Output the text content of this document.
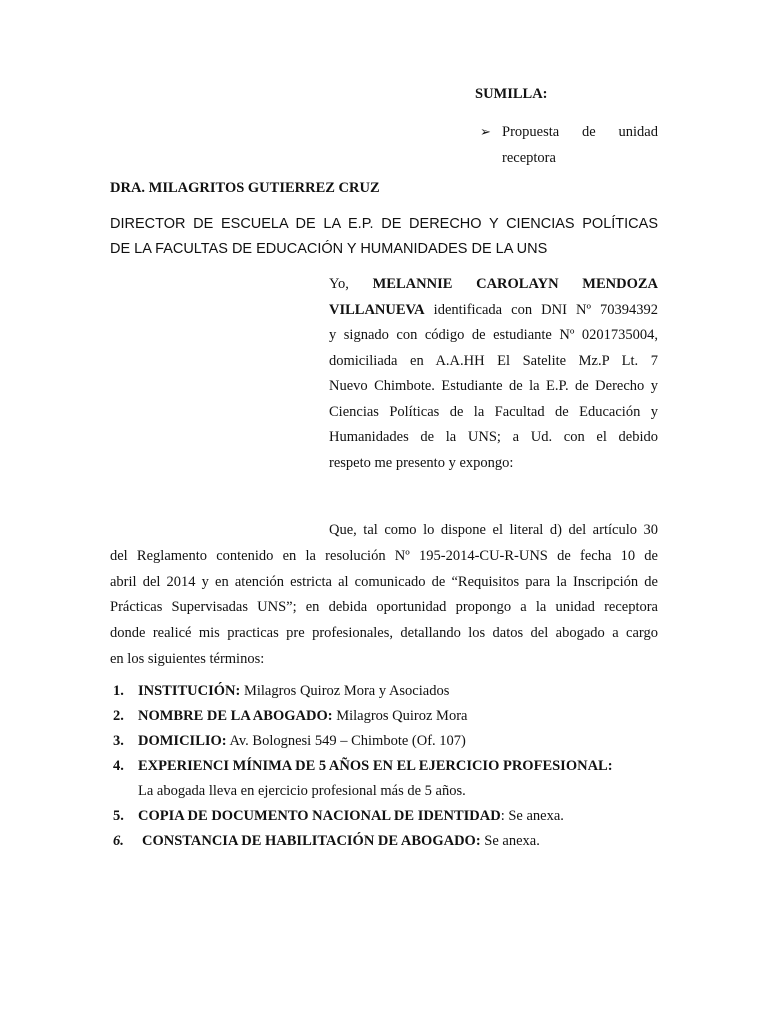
SUMILLA:
➢ Propuesta de unidad
receptora
DRA. MILAGRITOS GUTIERREZ CRUZ
DIRECTOR DE ESCUELA DE LA E.P. DE DERECHO Y CIENCIAS POLÍTICAS
DE LA FACULTAS DE EDUCACIÓN Y HUMANIDADES DE LA UNS
Yo, MELANNIE CAROLAYN MENDOZA
VILLANUEVA identificada con DNI Nº 70394392
y signado con código de estudiante Nº 0201735004,
domiciliada en A.A.HH El Satelite Mz.P Lt. 7
Nuevo Chimbote. Estudiante de la E.P. de Derecho y
Ciencias Políticas de la Facultad de Educación y
Humanidades de la UNS; a Ud. con el debido
respeto me presento y expongo:
Que, tal como lo dispone el literal d) del artículo 30
del Reglamento contenido en la resolución Nº 195-2014-CU-R-UNS de fecha 10 de
abril del 2014 y en atención estricta al comunicado de “Requisitos para la Inscripción de
Prácticas Supervisadas UNS”; en debida oportunidad propongo a la unidad receptora
donde realicé mis practicas pre profesionales, detallando los datos del abogado a cargo
en los siguientes términos:
1. INSTITUCIÓN: Milagros Quiroz Mora y Asociados
2. NOMBRE DE LA ABOGADO: Milagros Quiroz Mora
3. DOMICILIO: Av. Bolognesi 549 – Chimbote (Of. 107)
4. EXPERIENCI MÍNIMA DE 5 AÑOS EN EL EJERCICIO PROFESIONAL:
La abogada lleva en ejercicio profesional más de 5 años.
5. COPIA DE DOCUMENTO NACIONAL DE IDENTIDAD: Se anexa.
6. CONSTANCIA DE HABILITACIÓN DE ABOGADO: Se anexa.
